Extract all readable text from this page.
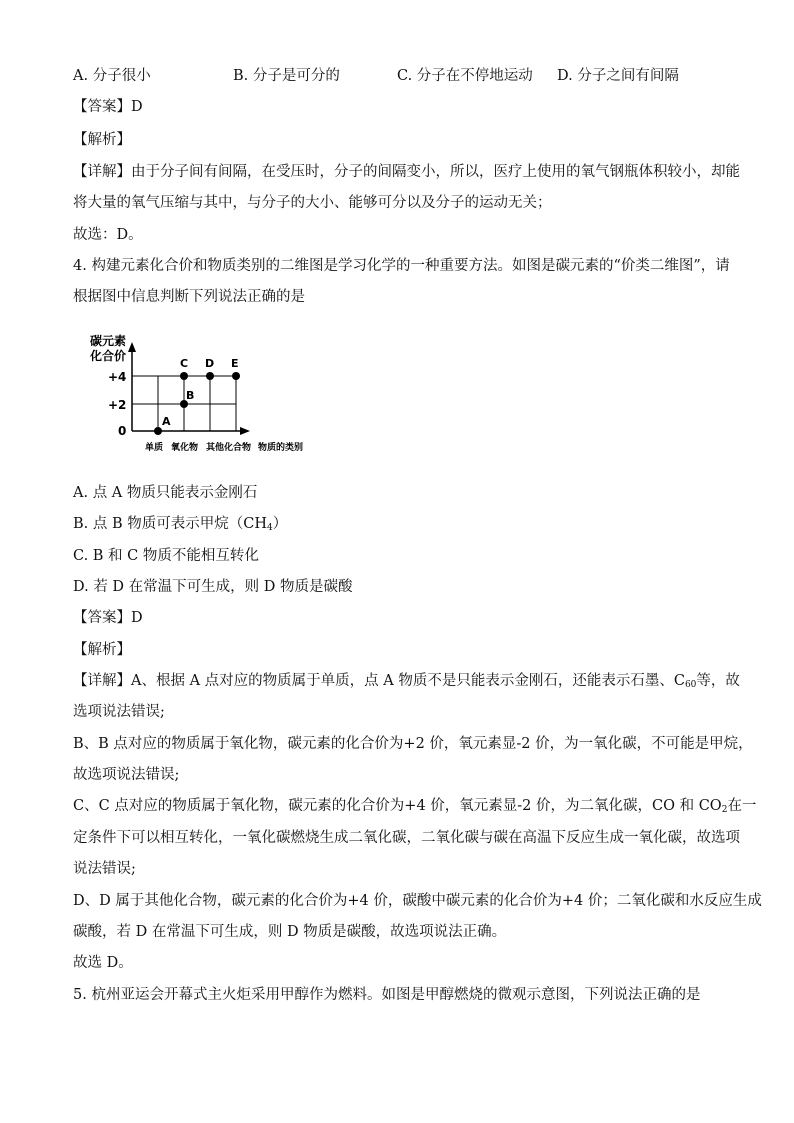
A. 分子很小	B. 分子是可分的	C. 分子在不停地运动 D. 分子之间有间隔
【答案】D
【解析】
【详解】由于分子间有间隔，在受压时，分子的间隔变小，所以，医疗上使用的氧气钢瓶体积较小，却能
将大量的氧气压缩与其中，与分子的大小、能够可分以及分子的运动无关；
故选：D。
4. 构建元素化合价和物质类别的二维图是学习化学的一种重要方法。如图是碳元素的“价类二维图”，请
根据图中信息判断下列说法正确的是
碳元素
化合价
+4
+2
0
单质 氧化物 其他化合物 物质的类别
A
B
C D E
A. 点 A 物质只能表示金刚石
B. 点 B 物质可表示甲烷$(CH_4)$
C. B 和 C 物质不能相互转化
D. 若 D 在常温下可生成，则 D 物质是碳酸
【答案】D
【解析】
【详解】A、根据 A 点对应的物质属于单质，点 A 物质不是只能表示金刚石，还能表示石墨、$C_{60}$等，故
选项说法错误;
B、B 点对应的物质属于氧化物，碳元素的化合价为+2 价，氧元素显-2 价，为一氧化碳，不可能是甲烷，
故选项说法错误;
C、C 点对应的物质属于氧化物，碳元素的化合价为+4 价，氧元素显-2 价，为二氧化碳，CO 和 $CO_2$在一
定条件下可以相互转化，一氧化碳燃烧生成二氧化碳，二氧化碳与碳在高温下反应生成一氧化碳，故选项
说法错误;
D、D 属于其他化合物，碳元素的化合价为+4 价，碳酸中碳元素的化合价为+4 价；二氧化碳和水反应生成
碳酸，若 D 在常温下可生成，则 D 物质是碳酸，故选项说法正确。
故选 D。
5. 杭州亚运会开幕式主火炬采用甲醇作为燃料。如图是甲醇燃烧的微观示意图，下列说法正确的是
